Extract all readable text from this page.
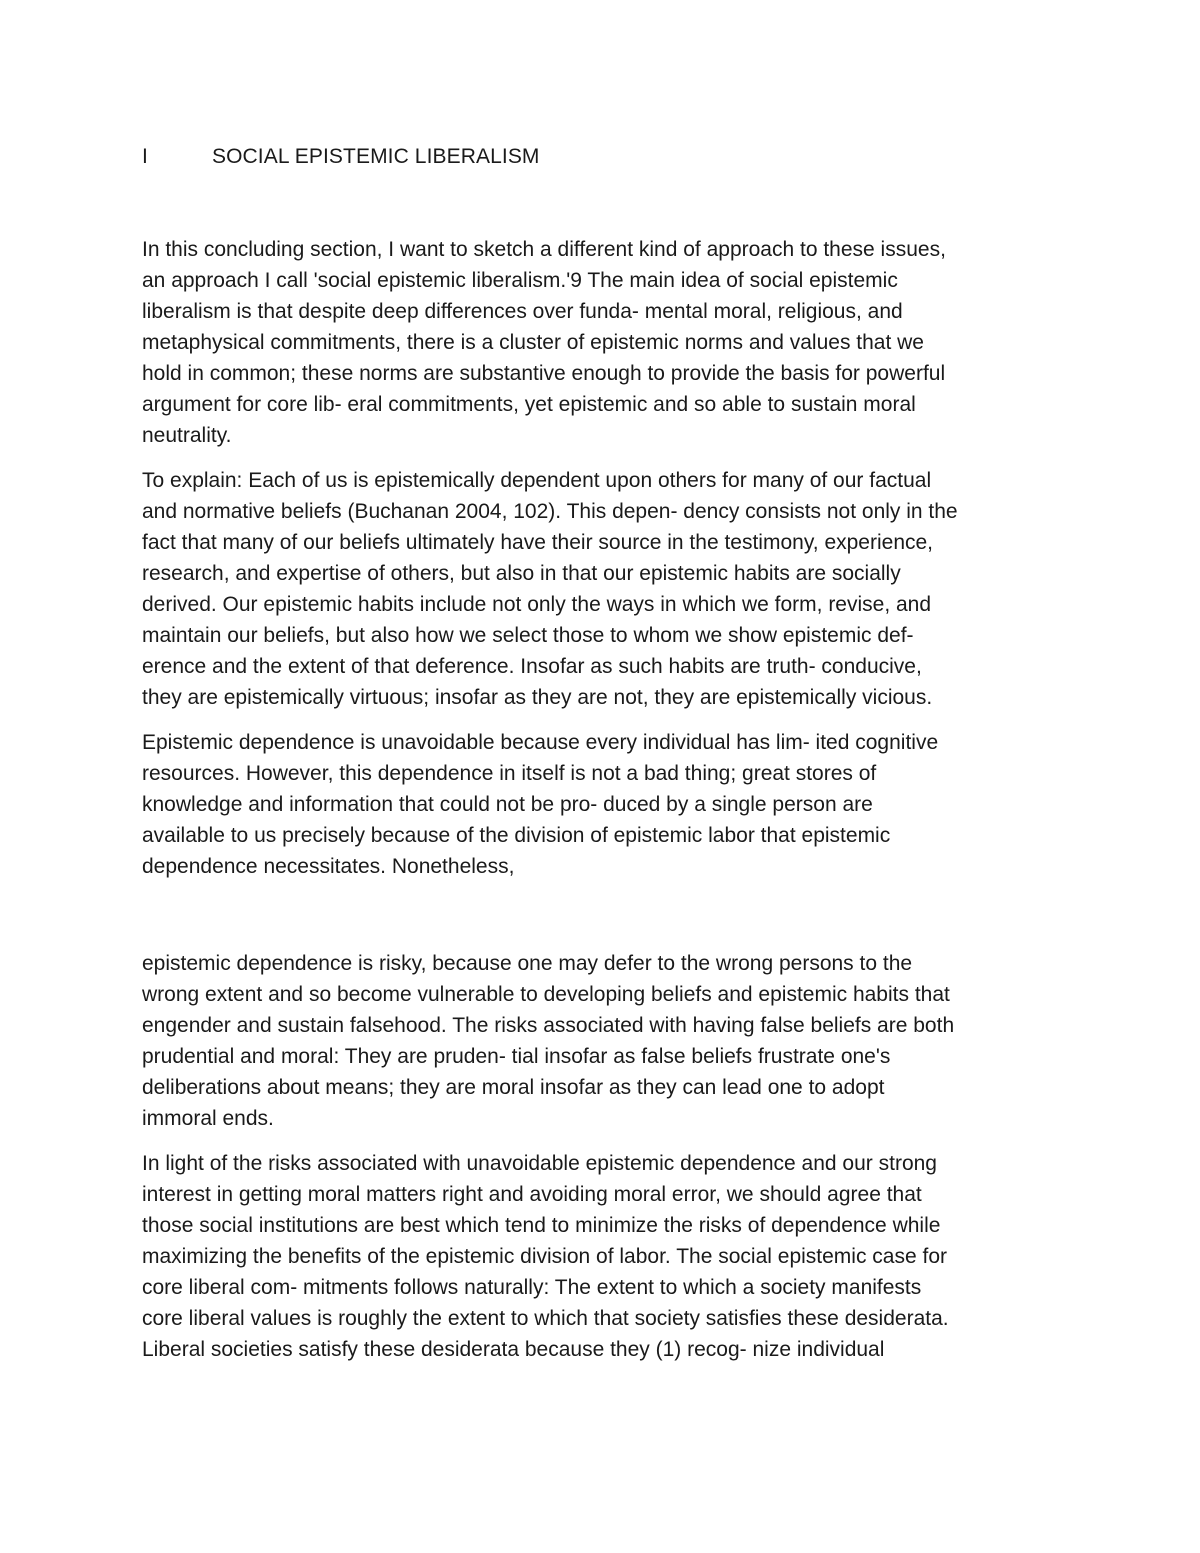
I	SOCIAL EPISTEMIC LIBERALISM
In this concluding section, I want to sketch a different kind of approach to these issues,
an approach I call 'social epistemic liberalism.'9 The main idea of social epistemic
liberalism is that despite deep differences over funda- mental moral, religious, and
metaphysical commitments, there is a cluster of epistemic norms and values that we
hold in common; these norms are substantive enough to provide the basis for powerful
argument for core lib- eral commitments, yet epistemic and so able to sustain moral
neutrality.
To explain: Each of us is epistemically dependent upon others for many of our factual
and normative beliefs (Buchanan 2004, 102). This depen- dency consists not only in the
fact that many of our beliefs ultimately have their source in the testimony, experience,
research, and expertise of others, but also in that our epistemic habits are socially
derived. Our epistemic habits include not only the ways in which we form, revise, and
maintain our beliefs, but also how we select those to whom we show epistemic def-
erence and the extent of that deference. Insofar as such habits are truth- conducive,
they are epistemically virtuous; insofar as they are not, they are epistemically vicious.
Epistemic dependence is unavoidable because every individual has lim- ited cognitive
resources. However, this dependence in itself is not a bad thing; great stores of
knowledge and information that could not be pro- duced by a single person are
available to us precisely because of the division of epistemic labor that epistemic
dependence necessitates. Nonetheless,
epistemic dependence is risky, because one may defer to the wrong persons to the
wrong extent and so become vulnerable to developing beliefs and epistemic habits that
engender and sustain falsehood. The risks associated with having false beliefs are both
prudential and moral: They are pruden- tial insofar as false beliefs frustrate one's
deliberations about means; they are moral insofar as they can lead one to adopt
immoral ends.
In light of the risks associated with unavoidable epistemic dependence and our strong
interest in getting moral matters right and avoiding moral error, we should agree that
those social institutions are best which tend to minimize the risks of dependence while
maximizing the benefits of the epistemic division of labor. The social epistemic case for
core liberal com- mitments follows naturally: The extent to which a society manifests
core liberal values is roughly the extent to which that society satisfies these desiderata.
Liberal societies satisfy these desiderata because they (1) recog- nize individual
